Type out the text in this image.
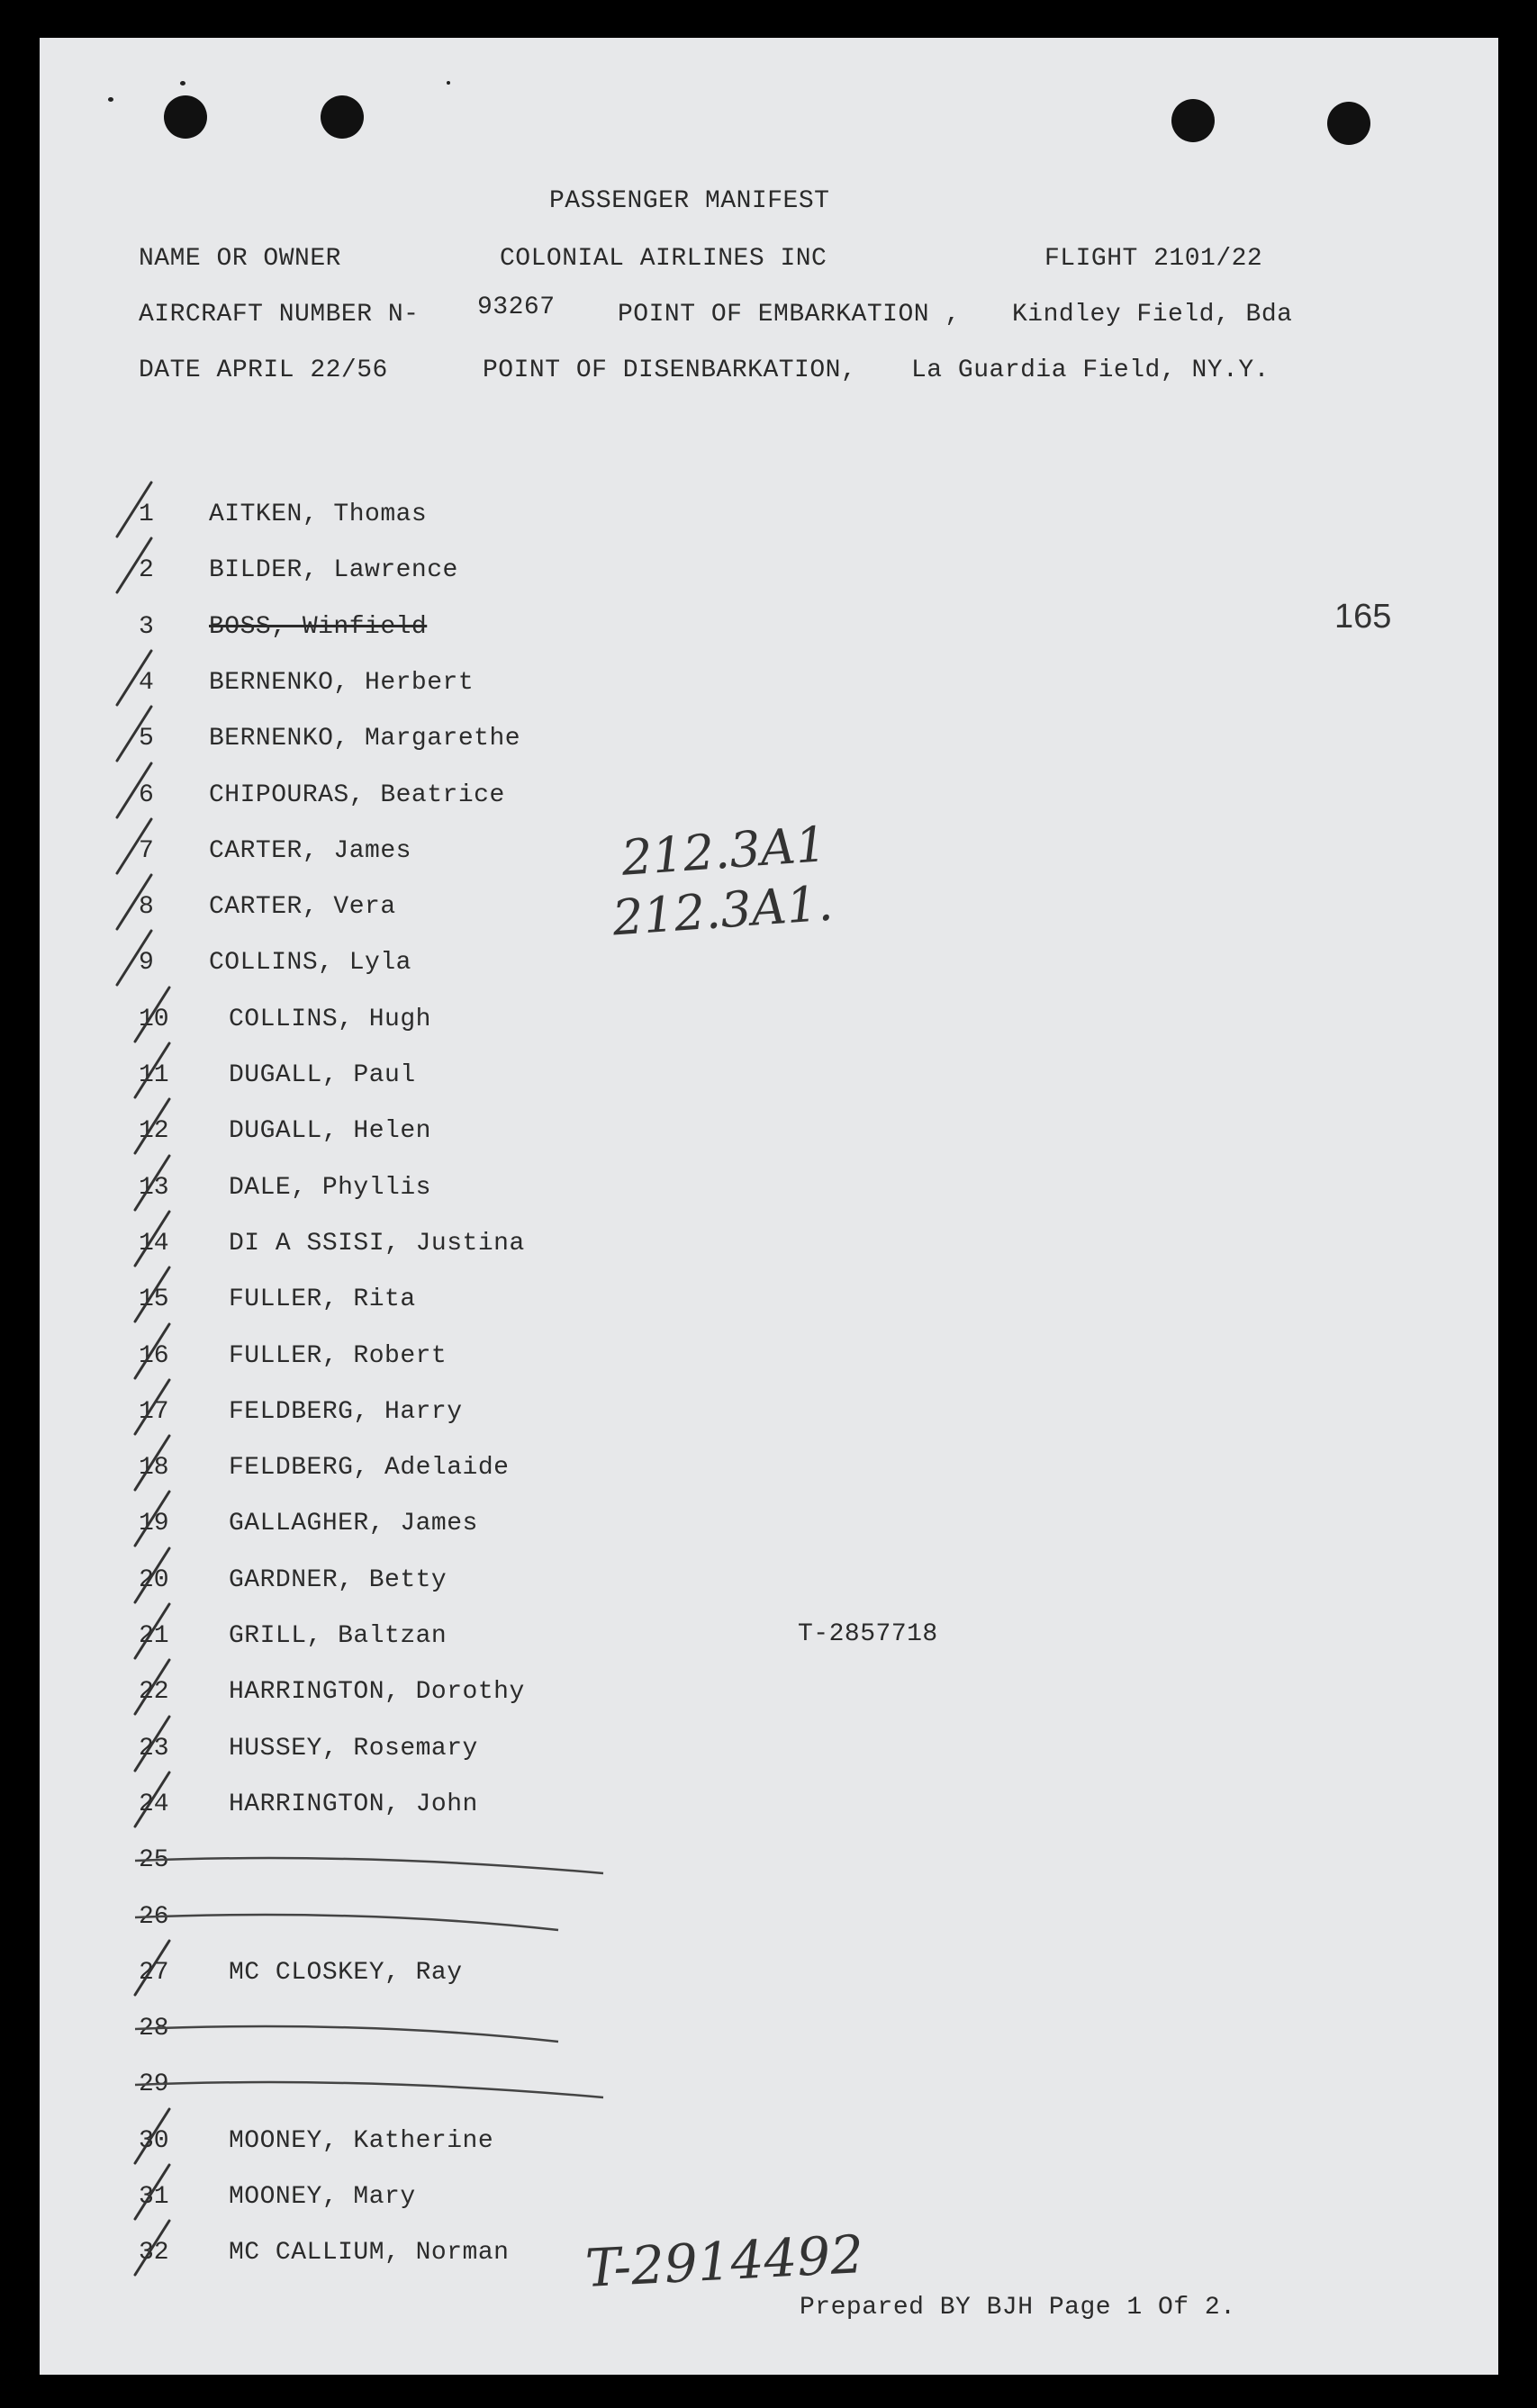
PASSENGER MANIFEST
NAME OR OWNER	COLONIAL AIRLINES INC	FLIGHT 2101/22
AIRCRAFT NUMBER N- 93267 POINT OF EMBARKATION , Kindley Field, Bda
DATE APRIL 22/56	POINT OF DISENBARKATION, La Guardia Field, NY.Y.
165
212.3A1
212.3A1.
T-2857718
T-2914492
1 AITKEN, Thomas
2 BILDER, Lawrence
3 BOSS, Winfield
4 BERNENKO, Herbert
5 BERNENKO, Margarethe
6 CHIPOURAS, Beatrice
7 CARTER, James
8 CARTER, Vera
9 COLLINS, Lyla
10 COLLINS, Hugh
11 DUGALL, Paul
12 DUGALL, Helen
13 DALE, Phyllis
14 DI A SSISI, Justina
15 FULLER, Rita
16 FULLER, Robert
17 FELDBERG, Harry
18 FELDBERG, Adelaide
19 GALLAGHER, James
20 GARDNER, Betty
21 GRILL, Baltzan
22 HARRINGTON, Dorothy
23 HUSSEY, Rosemary
24 HARRINGTON, John
25
26
27 MC CLOSKEY, Ray
28
29
30 MOONEY, Katherine
31 MOONEY, Mary
32 MC CALLIUM, Norman
Prepared BY BJH Page 1 Of 2.
